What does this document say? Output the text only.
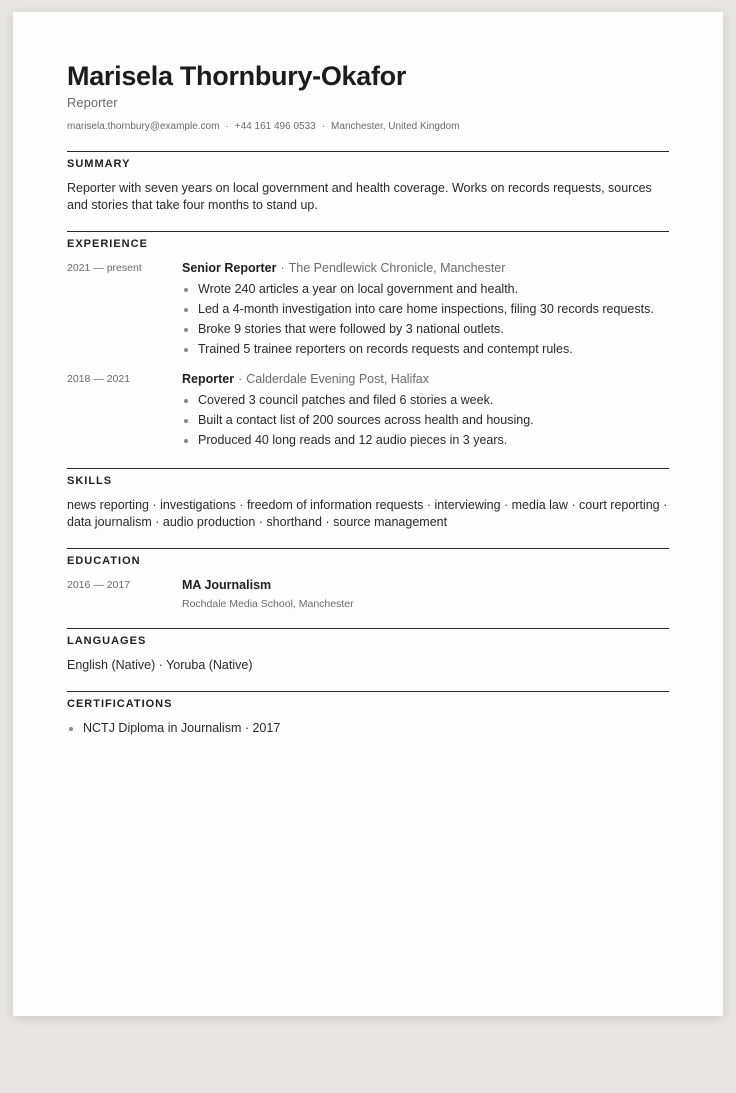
Marisela Thornbury-Okafor
Reporter
marisela.thornbury@example.com · +44 161 496 0533 · Manchester, United Kingdom
SUMMARY
Reporter with seven years on local government and health coverage. Works on records requests, sources and stories that take four months to stand up.
EXPERIENCE
2021 — present	Senior Reporter · The Pendlewick Chronicle, Manchester
• Wrote 240 articles a year on local government and health.
• Led a 4-month investigation into care home inspections, filing 30 records requests.
• Broke 9 stories that were followed by 3 national outlets.
• Trained 5 trainee reporters on records requests and contempt rules.
2018 — 2021	Reporter · Calderdale Evening Post, Halifax
• Covered 3 council patches and filed 6 stories a week.
• Built a contact list of 200 sources across health and housing.
• Produced 40 long reads and 12 audio pieces in 3 years.
SKILLS
news reporting · investigations · freedom of information requests · interviewing · media law · court reporting · data journalism · audio production · shorthand · source management
EDUCATION
2016 — 2017	MA Journalism
Rochdale Media School, Manchester
LANGUAGES
English (Native) · Yoruba (Native)
CERTIFICATIONS
• NCTJ Diploma in Journalism · 2017
